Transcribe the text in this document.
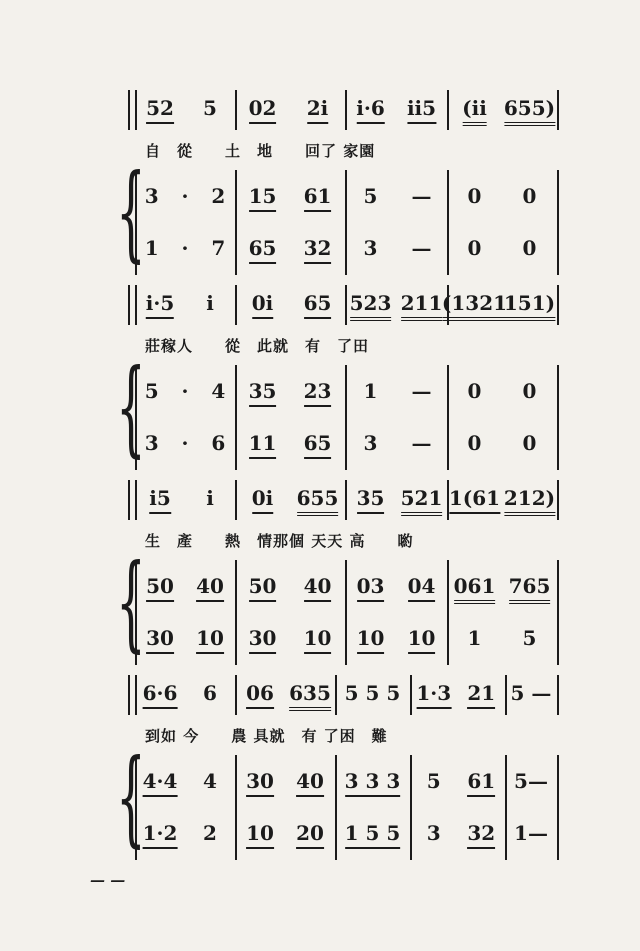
{
52 5 02 2i i·6 ii5 (ii 655)
3 · 2 15 61 5 — 0 0
1 · 7 65 32 3 — 0 0
自　從　　土　地　　回了 家園
{
i·5 i 0i 65 523 211 (1321
151)
5 · 4 35 23 1 — 0 0
3 · 6 11 65 3 — 0 0
莊稼人　　從　此就　有　了田
{
i5 i 0i 655 35 521 1(61 212)
50 40 50 40 03 04 061 765
30 10 30 10 10 10 1 5
生　產　　熱　情那個 天天 高　　喲
{
6·6 6 06 635 5 5 5 1·3 21 5 —
4·4 4 30 40 3 3 3 5 61 5—
1·2 2 10 20 1 5 5 3 32 1—
到如 今　　農 具就　有 了困　難
— —
